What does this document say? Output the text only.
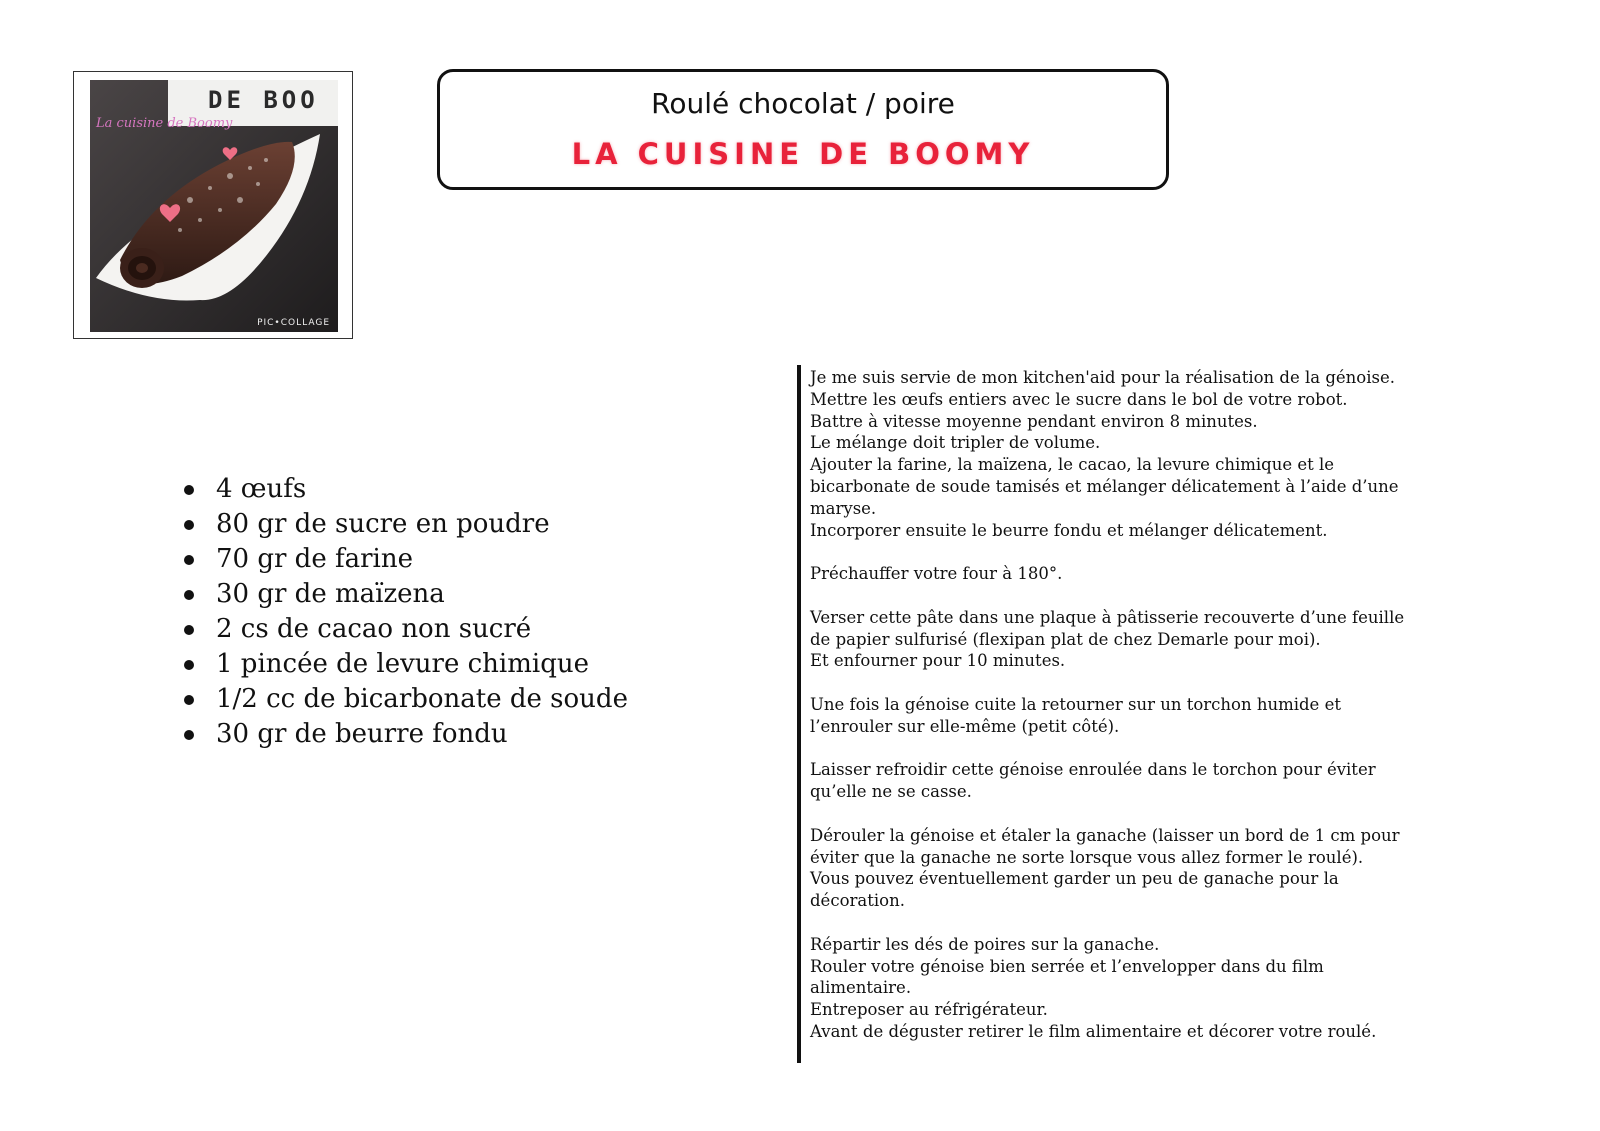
DE BOO
La cuisine de Boomy
PIC•COLLAGE
Roulé chocolat / poire
LA CUISINE DE BOOMY
4 œufs
80 gr de sucre en poudre
70 gr de farine
30 gr de maïzena
2 cs de cacao non sucré
1 pincée de levure chimique
1/2 cc de bicarbonate de soude
30 gr de beurre fondu
Je me suis servie de mon kitchen'aid pour la réalisation de la génoise.
Mettre les œufs entiers avec le sucre dans le bol de votre robot.
Battre à vitesse moyenne pendant environ 8 minutes.
Le mélange doit tripler de volume.
Ajouter la farine, la maïzena, le cacao, la levure chimique et le
bicarbonate de soude tamisés et mélanger délicatement à l’aide d’une
maryse.
Incorporer ensuite le beurre fondu et mélanger délicatement.
Préchauffer votre four à 180°.
Verser cette pâte dans une plaque à pâtisserie recouverte d’une feuille
de papier sulfurisé (flexipan plat de chez Demarle pour moi).
Et enfourner pour 10 minutes.
Une fois la génoise cuite la retourner sur un torchon humide et
l’enrouler sur elle-même (petit côté).
Laisser refroidir cette génoise enroulée dans le torchon pour éviter
qu’elle ne se casse.
Dérouler la génoise et étaler la ganache (laisser un bord de 1 cm pour
éviter que la ganache ne sorte lorsque vous allez former le roulé).
Vous pouvez éventuellement garder un peu de ganache pour la
décoration.
Répartir les dés de poires sur la ganache.
Rouler votre génoise bien serrée et l’envelopper dans du film
alimentaire.
Entreposer au réfrigérateur.
Avant de déguster retirer le film alimentaire et décorer votre roulé.
